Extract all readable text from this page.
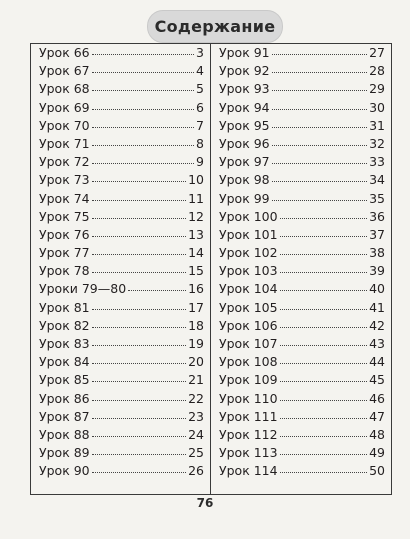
Содержание
Урок 66	3
Урок 67	4
Урок 68	5
Урок 69	6
Урок 70	7
Урок 71	8
Урок 72	9
Урок 73	10
Урок 74	11
Урок 75	12
Урок 76	13
Урок 77	14
Урок 78	15
Уроки 79—80	16
Урок 81	17
Урок 82	18
Урок 83	19
Урок 84	20
Урок 85	21
Урок 86	22
Урок 87	23
Урок 88	24
Урок 89	25
Урок 90	26
Урок 91	27
Урок 92	28
Урок 93	29
Урок 94	30
Урок 95	31
Урок 96	32
Урок 97	33
Урок 98	34
Урок 99	35
Урок 100	36
Урок 101	37
Урок 102	38
Урок 103	39
Урок 104	40
Урок 105	41
Урок 106	42
Урок 107	43
Урок 108	44
Урок 109	45
Урок 110	46
Урок 111	47
Урок 112	48
Урок 113	49
Урок 114	50
76
